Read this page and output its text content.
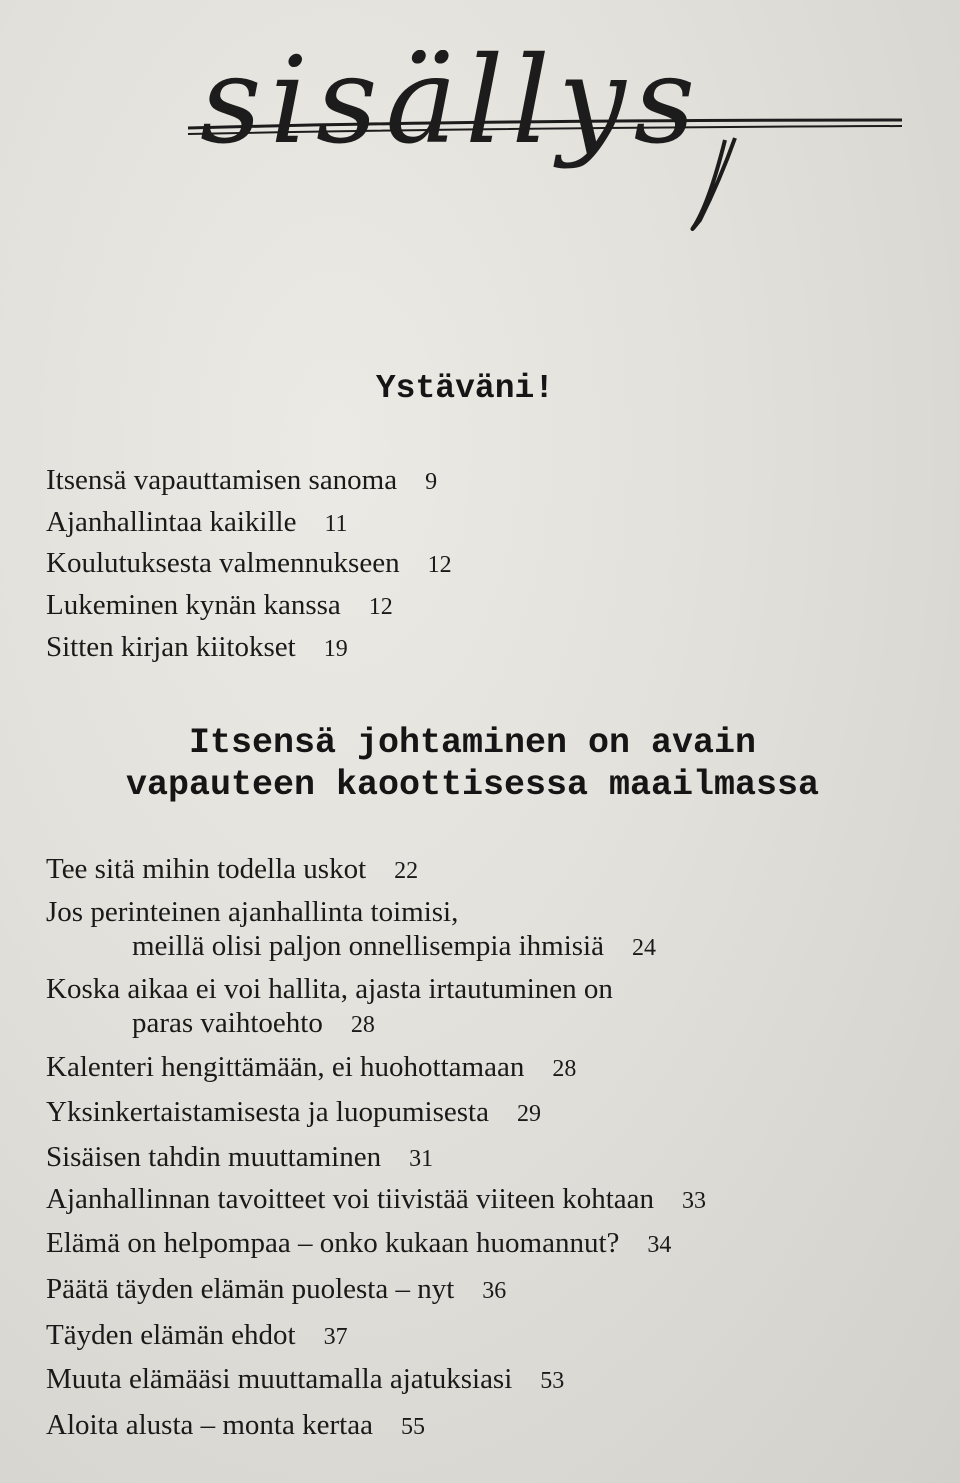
sisällys
Ystäväni!
Itsensä vapauttamisen sanoma 9
Ajanhallintaa kaikille 11
Koulutuksesta valmennukseen 12
Lukeminen kynän kanssa 12
Sitten kirjan kiitokset 19
Itsensä johtaminen on avain
vapauteen kaoottisessa maailmassa
Tee sitä mihin todella uskot 22
Jos perinteinen ajanhallinta toimisi,
meillä olisi paljon onnellisempia ihmisiä 24
Koska aikaa ei voi hallita, ajasta irtautuminen on
paras vaihtoehto 28
Kalenteri hengittämään, ei huohottamaan 28
Yksinkertaistamisesta ja luopumisesta 29
Sisäisen tahdin muuttaminen 31
Ajanhallinnan tavoitteet voi tiivistää viiteen kohtaan 33
Elämä on helpompaa – onko kukaan huomannut? 34
Päätä täyden elämän puolesta – nyt 36
Täyden elämän ehdot 37
Muuta elämääsi muuttamalla ajatuksiasi 53
Aloita alusta – monta kertaa 55
